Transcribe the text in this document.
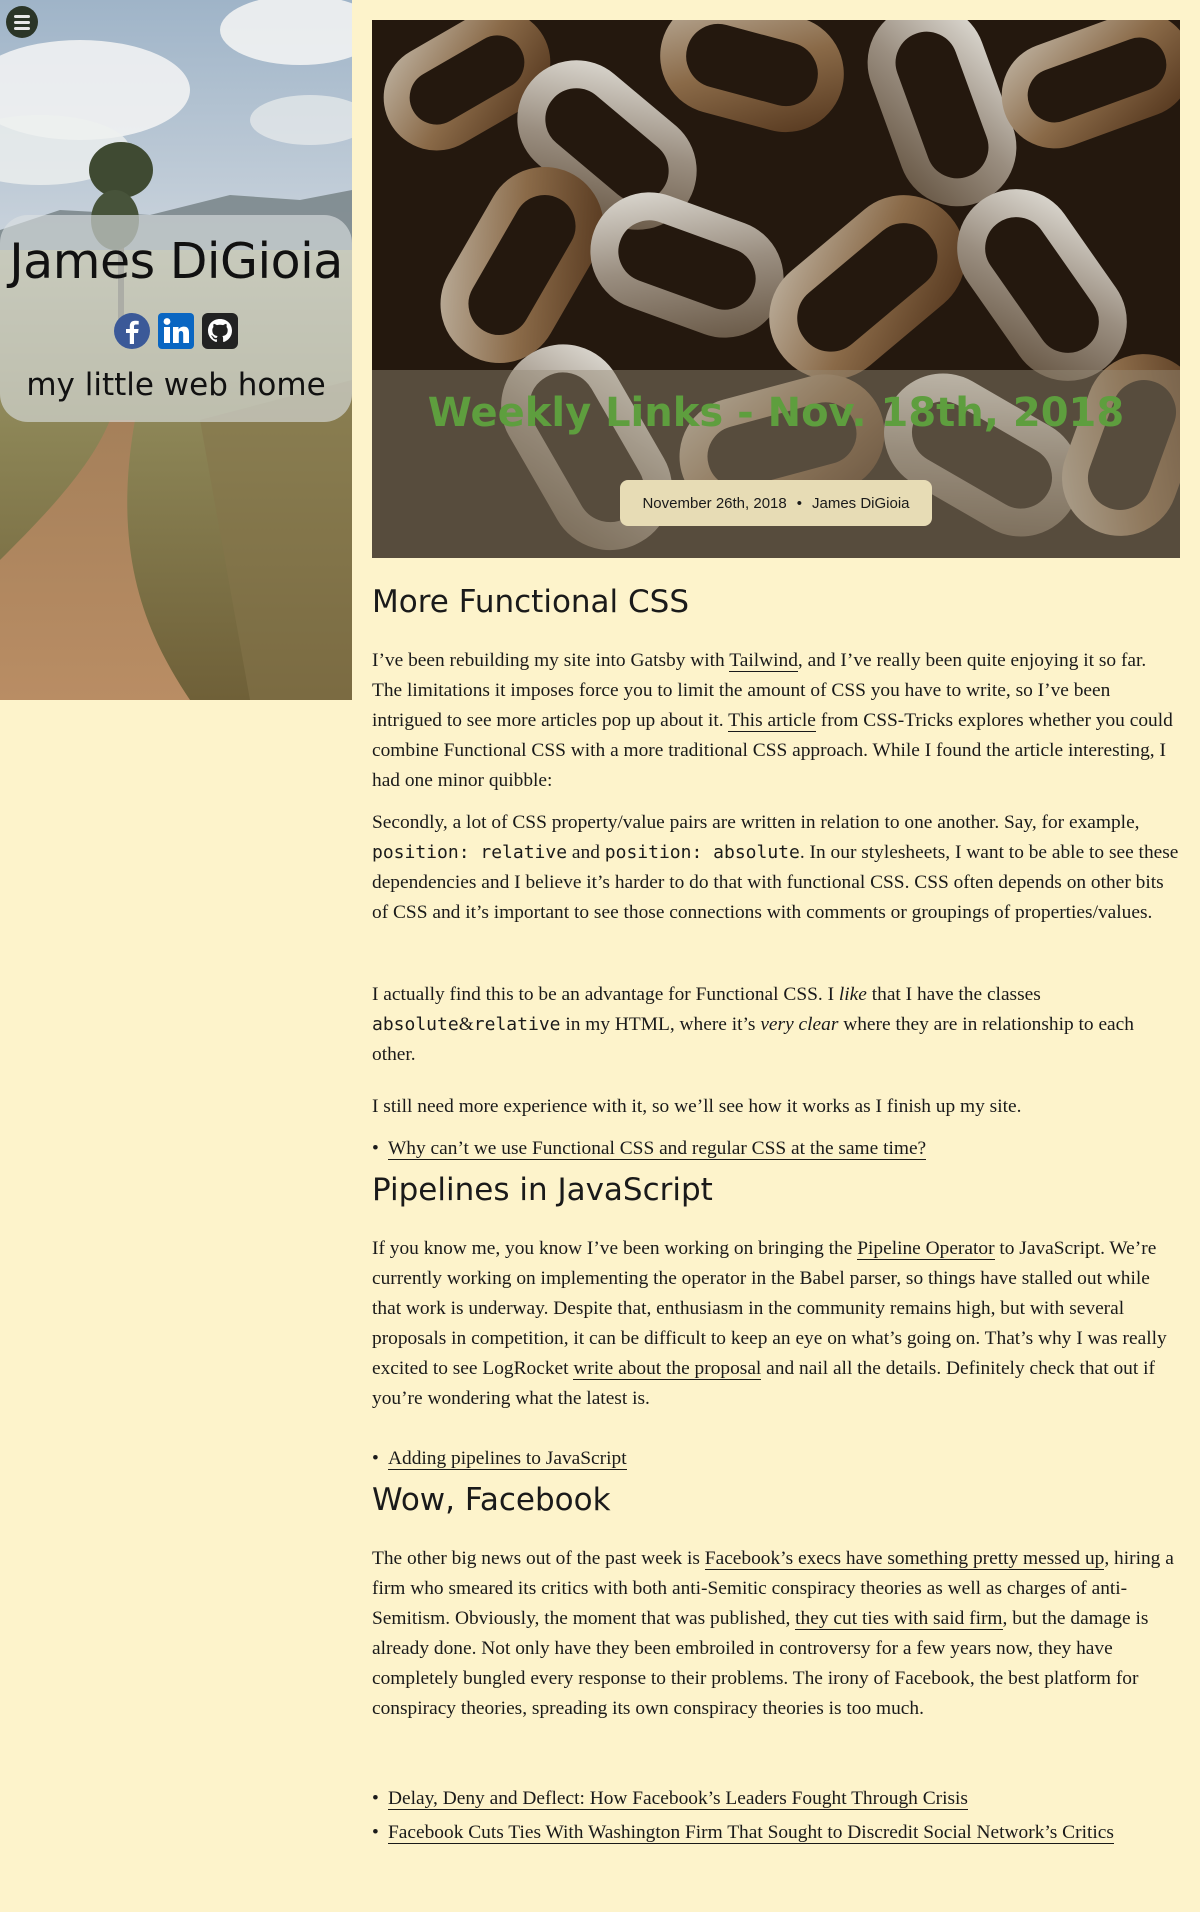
James DiGioia
my little web home
Weekly Links - Nov. 18th, 2018
November 26th, 2018 • James DiGioia
More Functional CSS

I’ve been rebuilding my site into Gatsby with Tailwind, and I’ve really been quite enjoying it so far. The limitations it imposes force you to limit the amount of CSS you have to write, so I’ve been intrigued to see more articles pop up about it. This article from CSS-Tricks explores whether you could combine Functional CSS with a more traditional CSS approach. While I found the article interesting, I had one minor quibble:

Secondly, a lot of CSS property/value pairs are written in relation to one another. Say, for example, position: relative and position: absolute. In our stylesheets, I want to be able to see these dependencies and I believe it’s harder to do that with functional CSS. CSS often depends on other bits of CSS and it’s important to see those connections with comments or groupings of properties/values.

I actually find this to be an advantage for Functional CSS. I like that I have the classes absolute&relative in my HTML, where it’s very clear where they are in relationship to each other.

I still need more experience with it, so we’ll see how it works as I finish up my site.

• Why can’t we use Functional CSS and regular CSS at the same time?
Pipelines in JavaScript

If you know me, you know I’ve been working on bringing the Pipeline Operator to JavaScript. We’re currently working on implementing the operator in the Babel parser, so things have stalled out while that work is underway. Despite that, enthusiasm in the community remains high, but with several proposals in competition, it can be difficult to keep an eye on what’s going on. That’s why I was really excited to see LogRocket write about the proposal and nail all the details. Definitely check that out if you’re wondering what the latest is.

• Adding pipelines to JavaScript
Wow, Facebook

The other big news out of the past week is Facebook’s execs have something pretty messed up, hiring a firm who smeared its critics with both anti-Semitic conspiracy theories as well as charges of anti-Semitism. Obviously, the moment that was published, they cut ties with said firm, but the damage is already done. Not only have they been embroiled in controversy for a few years now, they have completely bungled every response to their problems. The irony of Facebook, the best platform for conspiracy theories, spreading its own conspiracy theories is too much.

• Delay, Deny and Deflect: How Facebook’s Leaders Fought Through Crisis
• Facebook Cuts Ties With Washington Firm That Sought to Discredit Social Network’s Critics
